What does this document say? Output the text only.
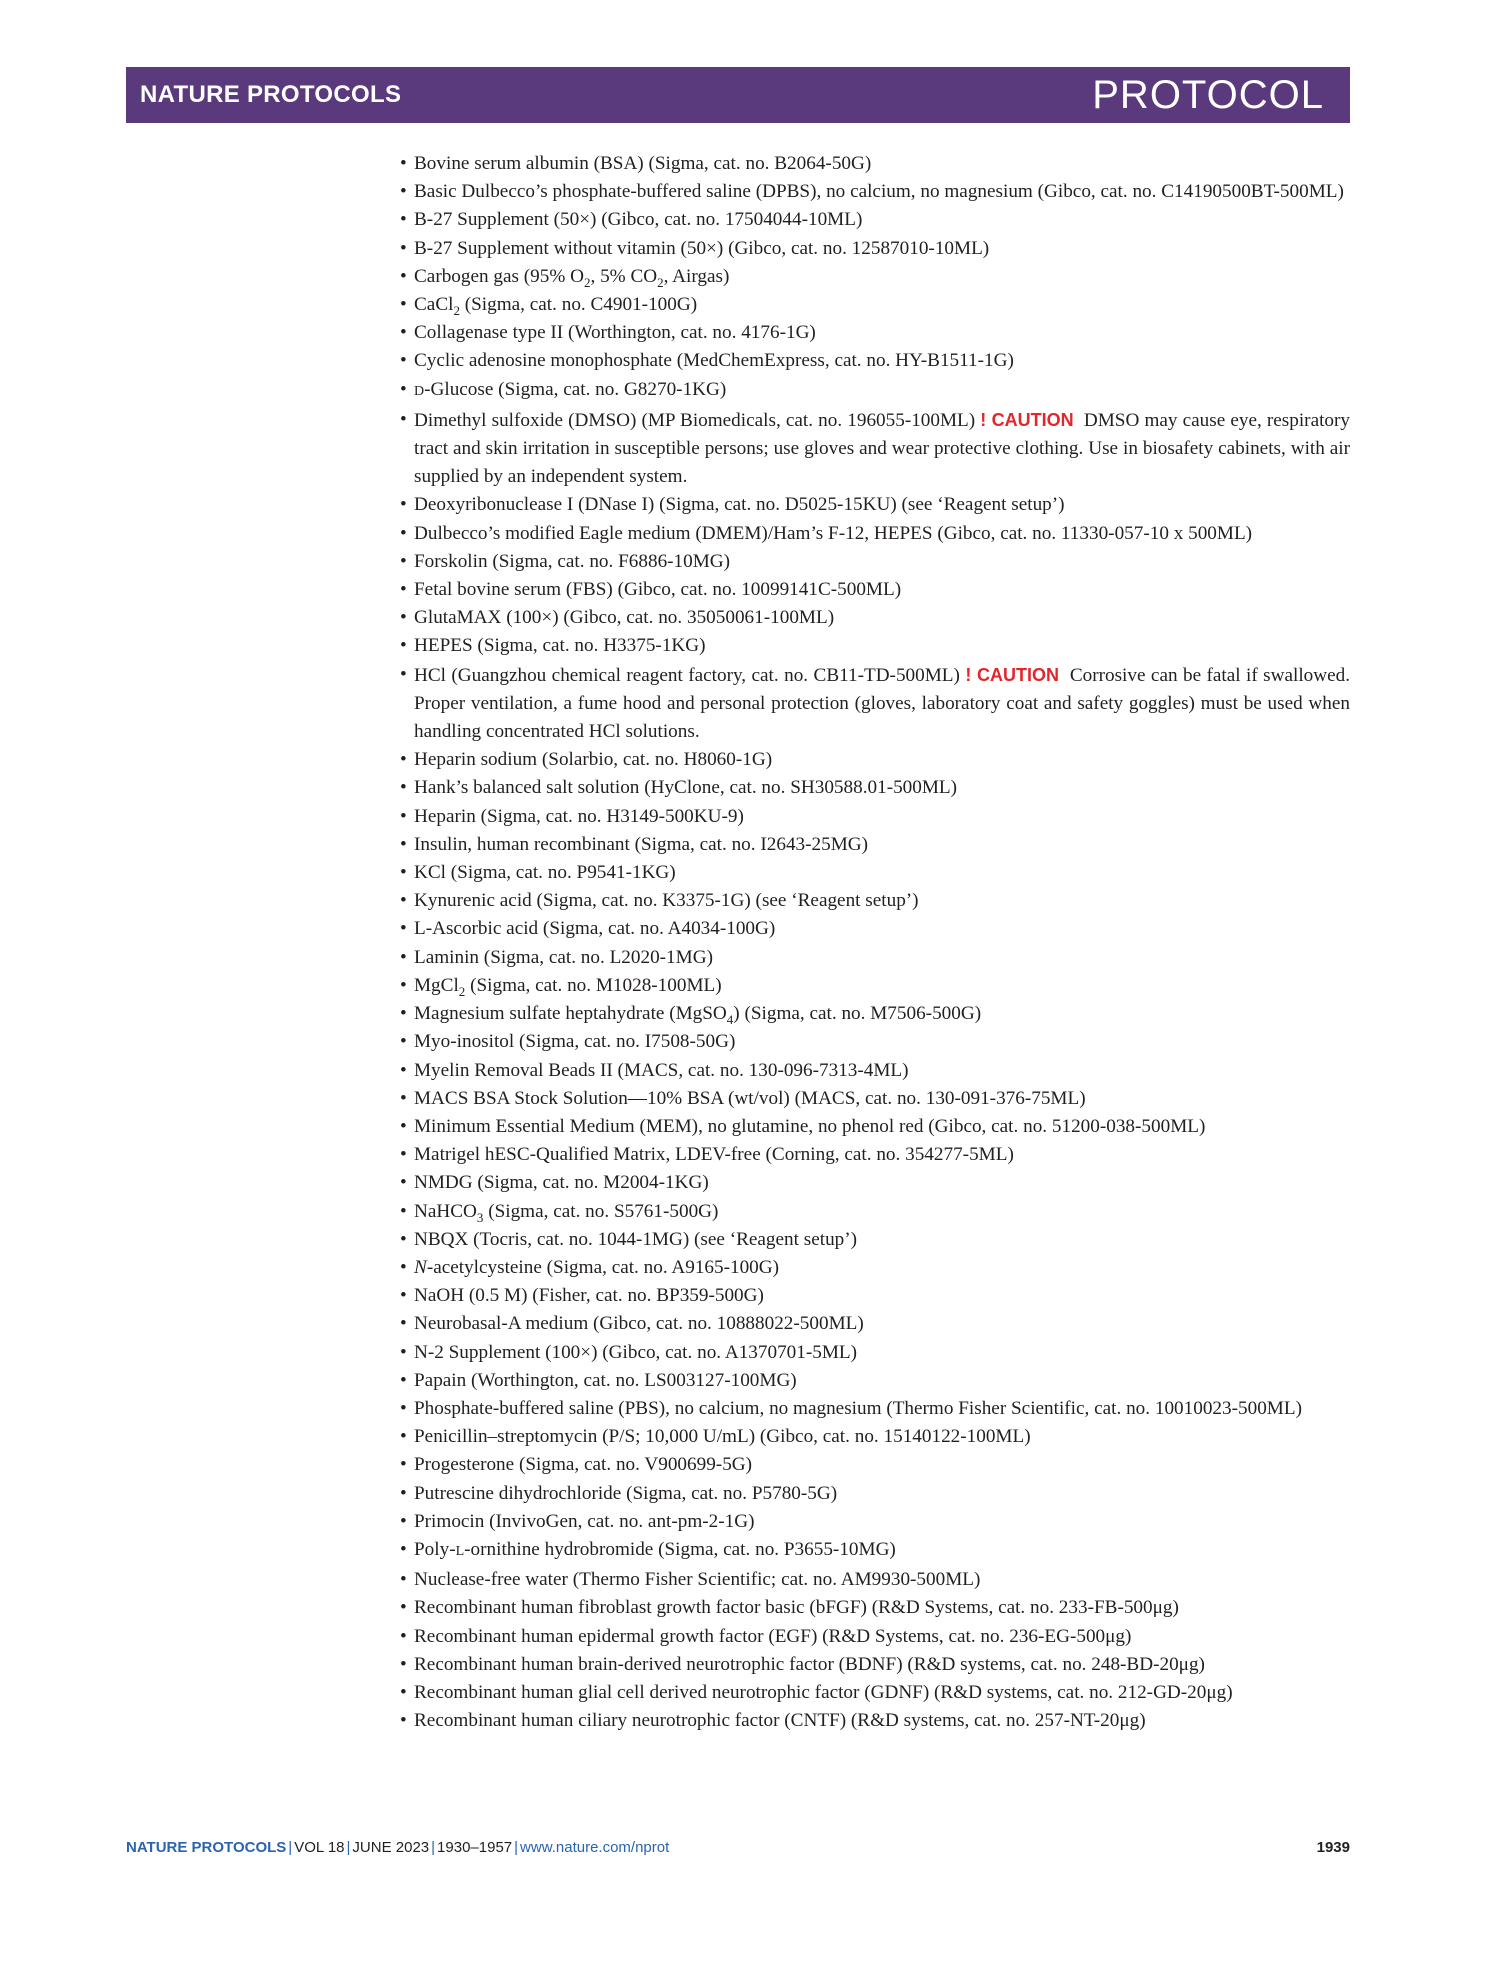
NATURE PROTOCOLS	PROTOCOL
• Bovine serum albumin (BSA) (Sigma, cat. no. B2064-50G)
• Basic Dulbecco’s phosphate-buffered saline (DPBS), no calcium, no magnesium (Gibco, cat. no. C14190500BT-500ML)
• B-27 Supplement (50×) (Gibco, cat. no. 17504044-10ML)
• B-27 Supplement without vitamin (50×) (Gibco, cat. no. 12587010-10ML)
• Carbogen gas (95% $O_2$, 5% $CO_2$, Airgas)
• CaCl$_2$ (Sigma, cat. no. C4901-100G)
• Collagenase type II (Worthington, cat. no. 4176-1G)
• Cyclic adenosine monophosphate (MedChemExpress, cat. no. HY-B1511-1G)
• D-Glucose (Sigma, cat. no. G8270-1KG)
• Dimethyl sulfoxide (DMSO) (MP Biomedicals, cat. no. 196055-100ML) ! CAUTION DMSO may cause eye, respiratory tract and skin irritation in susceptible persons; use gloves and wear protective clothing. Use in biosafety cabinets, with air supplied by an independent system.
• Deoxyribonuclease I (DNase I) (Sigma, cat. no. D5025-15KU) (see ‘Reagent setup’)
• Dulbecco’s modified Eagle medium (DMEM)/Ham’s F-12, HEPES (Gibco, cat. no. 11330-057-10 x 500ML)
• Forskolin (Sigma, cat. no. F6886-10MG)
• Fetal bovine serum (FBS) (Gibco, cat. no. 10099141C-500ML)
• GlutaMAX (100×) (Gibco, cat. no. 35050061-100ML)
• HEPES (Sigma, cat. no. H3375-1KG)
• HCl (Guangzhou chemical reagent factory, cat. no. CB11-TD-500ML) ! CAUTION Corrosive can be fatal if swallowed. Proper ventilation, a fume hood and personal protection (gloves, laboratory coat and safety goggles) must be used when handling concentrated HCl solutions.
• Heparin sodium (Solarbio, cat. no. H8060-1G)
• Hank’s balanced salt solution (HyClone, cat. no. SH30588.01-500ML)
• Heparin (Sigma, cat. no. H3149-500KU-9)
• Insulin, human recombinant (Sigma, cat. no. I2643-25MG)
• KCl (Sigma, cat. no. P9541-1KG)
• Kynurenic acid (Sigma, cat. no. K3375-1G) (see ‘Reagent setup’)
• L-Ascorbic acid (Sigma, cat. no. A4034-100G)
• Laminin (Sigma, cat. no. L2020-1MG)
• MgCl$_2$ (Sigma, cat. no. M1028-100ML)
• Magnesium sulfate heptahydrate (MgSO$_4$) (Sigma, cat. no. M7506-500G)
• Myo-inositol (Sigma, cat. no. I7508-50G)
• Myelin Removal Beads II (MACS, cat. no. 130-096-7313-4ML)
• MACS BSA Stock Solution—10% BSA (wt/vol) (MACS, cat. no. 130-091-376-75ML)
• Minimum Essential Medium (MEM), no glutamine, no phenol red (Gibco, cat. no. 51200-038-500ML)
• Matrigel hESC-Qualified Matrix, LDEV-free (Corning, cat. no. 354277-5ML)
• NMDG (Sigma, cat. no. M2004-1KG)
• NaHCO$_3$ (Sigma, cat. no. S5761-500G)
• NBQX (Tocris, cat. no. 1044-1MG) (see ‘Reagent setup’)
• N-acetylcysteine (Sigma, cat. no. A9165-100G)
• NaOH (0.5 M) (Fisher, cat. no. BP359-500G)
• Neurobasal-A medium (Gibco, cat. no. 10888022-500ML)
• N-2 Supplement (100×) (Gibco, cat. no. A1370701-5ML)
• Papain (Worthington, cat. no. LS003127-100MG)
• Phosphate-buffered saline (PBS), no calcium, no magnesium (Thermo Fisher Scientific, cat. no. 10010023-500ML)
• Penicillin–streptomycin (P/S; 10,000 U/mL) (Gibco, cat. no. 15140122-100ML)
• Progesterone (Sigma, cat. no. V900699-5G)
• Putrescine dihydrochloride (Sigma, cat. no. P5780-5G)
• Primocin (InvivoGen, cat. no. ant-pm-2-1G)
• Poly-L-ornithine hydrobromide (Sigma, cat. no. P3655-10MG)
• Nuclease-free water (Thermo Fisher Scientific; cat. no. AM9930-500ML)
• Recombinant human fibroblast growth factor basic (bFGF) (R&D Systems, cat. no. 233-FB-500μg)
• Recombinant human epidermal growth factor (EGF) (R&D Systems, cat. no. 236-EG-500μg)
• Recombinant human brain-derived neurotrophic factor (BDNF) (R&D systems, cat. no. 248-BD-20μg)
• Recombinant human glial cell derived neurotrophic factor (GDNF) (R&D systems, cat. no. 212-GD-20μg)
• Recombinant human ciliary neurotrophic factor (CNTF) (R&D systems, cat. no. 257-NT-20μg)
NATURE PROTOCOLS | VOL 18 | JUNE 2023 | 1930–1957 | www.nature.com/nprot	1939
